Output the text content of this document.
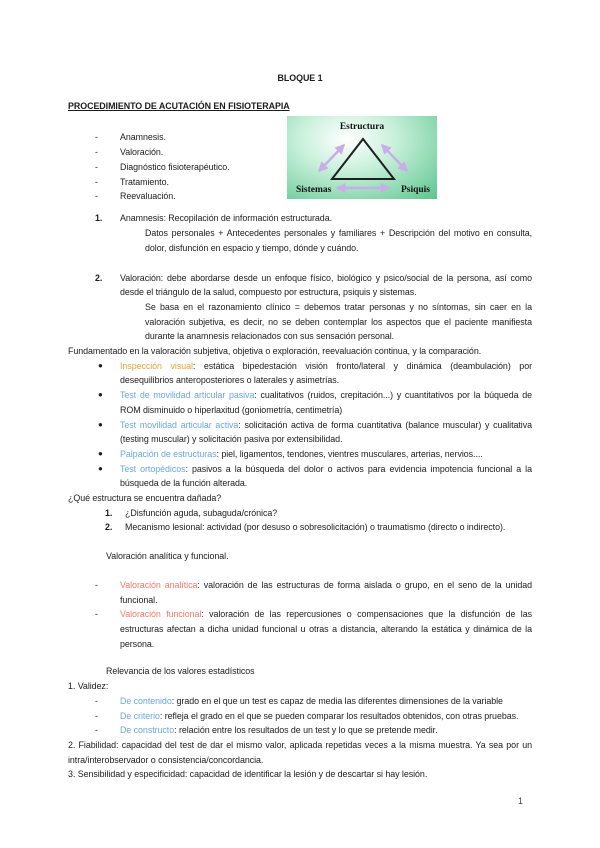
BLOQUE 1
PROCEDIMIENTO DE ACUTACIÓN EN FISIOTERAPIA
-	Anamnesis.
-	Valoración.
-	Diagnóstico fisioterapéutico.
-	Tratamiento.
-	Reevaluación.
Estructura
Sistemas	Psiquis
1.	Anamnesis: Recopilación de información estructurada.
Datos personales + Antecedentes personales y familiares + Descripción del motivo en consulta, dolor, disfunción en espacio y tiempo, dónde y cuándo.
2.	Valoración: debe abordarse desde un enfoque físico, biológico y psico/social de la persona, así como desde el triángulo de la salud, compuesto por estructura, psiquis y sistemas.
Se basa en el razonamiento clínico = debemos tratar personas y no síntomas, sin caer en la valoración subjetiva, es decir, no se deben contemplar los aspectos que el paciente manifiesta durante la anamnesis relacionados con sus sensación personal.
Fundamentado en la valoración subjetiva, objetiva o exploración, reevaluación continua, y la comparación.
●	Inspección visual: estática bipedestación visión fronto/lateral y dinámica (deambulación) por desequilibrios anteroposteriores o laterales y asimetrías.
●	Test de movilidad articular pasiva: cualitativos (ruidos, crepitación...) y cuantitativos por la búqueda de ROM disminuido o hiperlaxitud (goniometría, centimetría)
●	Test movilidad articular activa: solicitación activa de forma cuantitativa (balance muscular) y cualitativa (testing muscular) y solicitación pasiva por extensibilidad.
●	Palpación de estructuras: piel, ligamentos, tendones, vientres musculares, arterias, nervios....
●	Test ortopédicos: pasivos a la búsqueda del dolor o activos para evidencia impotencia funcional a la búsqueda de la función alterada.
¿Qué estructura se encuentra dañada?
1.	¿Disfunción aguda, subaguda/crónica?
2.	Mecanismo lesional: actividad (por desuso o sobresolicitación) o traumatismo (directo o indirecto).
Valoración analítica y funcional.
-	Valoración analítica: valoración de las estructuras de forma aislada o grupo, en el seno de la unidad funcional.
-	Valoración funcional: valoración de las repercusiones o compensaciones que la disfunción de las estructuras afectan a dicha unidad funcional u otras a distancia, alterando la estática y dinámica de la persona.
Relevancia de los valores estadísticos
1. Validez:
-	De contenido: grado en el que un test es capaz de media las diferentes dimensiones de la variable
-	De criterio: refleja el grado en el que se pueden comparar los resultados obtenidos, con otras pruebas.
-	De constructo: relación entre los resultados de un test y lo que se pretende medir.
2. Fiabilidad: capacidad del test de dar el mismo valor, aplicada repetidas veces a la misma muestra. Ya sea por un intra/interobservador o consistencia/concordancia.
3. Sensibilidad y especificidad: capacidad de identificar la lesión y de descartar si hay lesión.
1
